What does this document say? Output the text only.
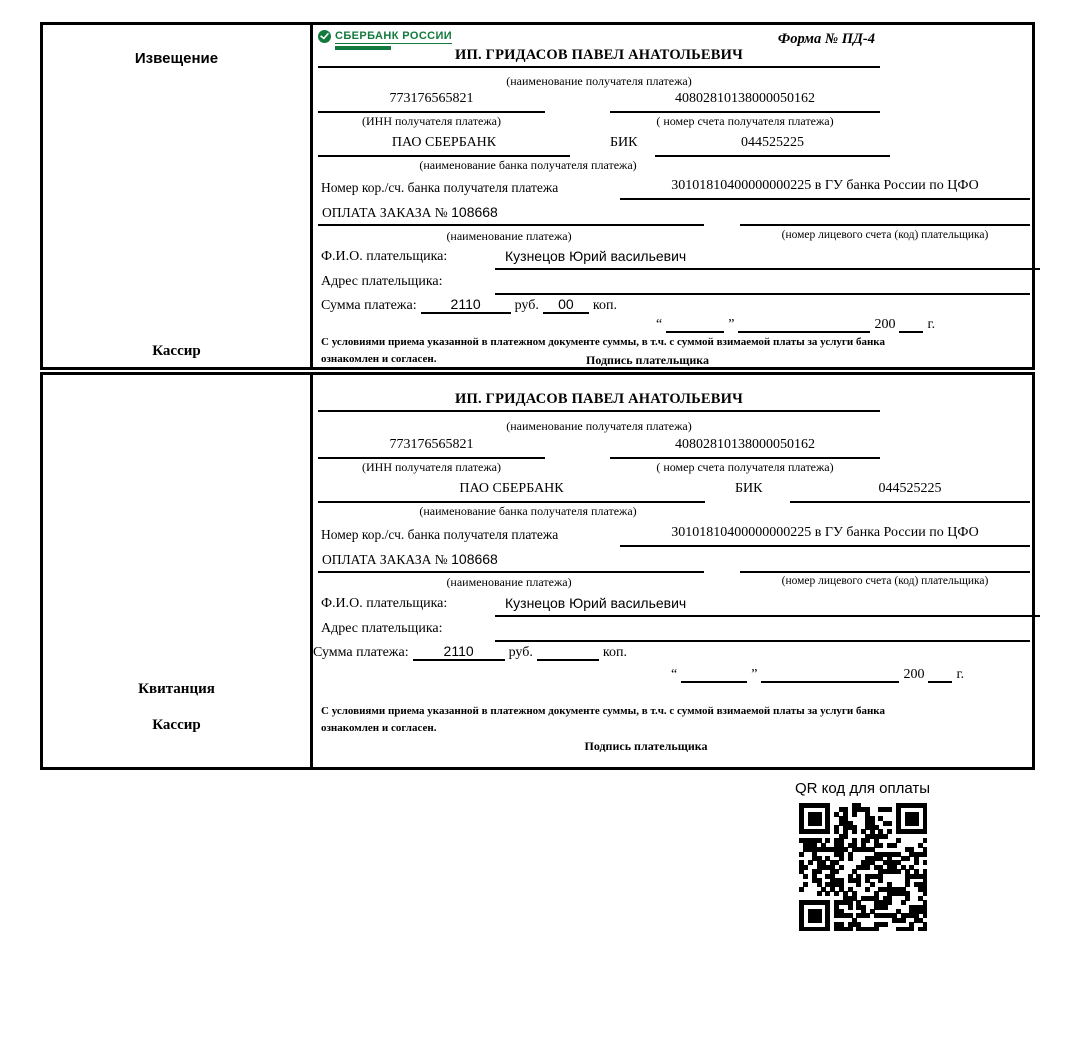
Извещение
Кассир
СБЕРБАНК РОССИИ	Форма № ПД-4
ИП. ГРИДАСОВ ПАВЕЛ АНАТОЛЬЕВИЧ
(наименование получателя платежа)
773176565821	40802810138000050162
(ИНН получателя платежа)	( номер счета получателя платежа)
ПАО СБЕРБАНК	БИК	044525225
(наименование банка получателя платежа)
Номер кор./сч. банка получателя платежа	30101810400000000225 в ГУ банка России по ЦФО
ОПЛАТА ЗАКАЗА № 108668
(наименование платежа)	(номер лицевого счета (код) плательщика)
Ф.И.О. плательщика:	Кузнецов Юрий васильевич
Адрес плательщика:
Сумма платежа: 2110 руб. 00 коп.
“	”	200 г.
С условиями приема указанной в платежном документе суммы, в т.ч. с суммой взимаемой платы за услуги банка
ознакомлен и согласен.	Подпись плательщика
Квитанция
Кассир
ИП. ГРИДАСОВ ПАВЕЛ АНАТОЛЬЕВИЧ
(наименование получателя платежа)
773176565821	40802810138000050162
(ИНН получателя платежа)	( номер счета получателя платежа)
ПАО СБЕРБАНК	БИК	044525225
(наименование банка получателя платежа)
Номер кор./сч. банка получателя платежа	30101810400000000225 в ГУ банка России по ЦФО
ОПЛАТА ЗАКАЗА № 108668
(наименование платежа)	(номер лицевого счета (код) плательщика)
Ф.И.О. плательщика:	Кузнецов Юрий васильевич
Адрес плательщика:
Сумма платежа: 2110 руб.	коп.
“	”	200 г.
С условиями приема указанной в платежном документе суммы, в т.ч. с суммой взимаемой платы за услуги банка
ознакомлен и согласен.
Подпись плательщика
QR код для оплаты
